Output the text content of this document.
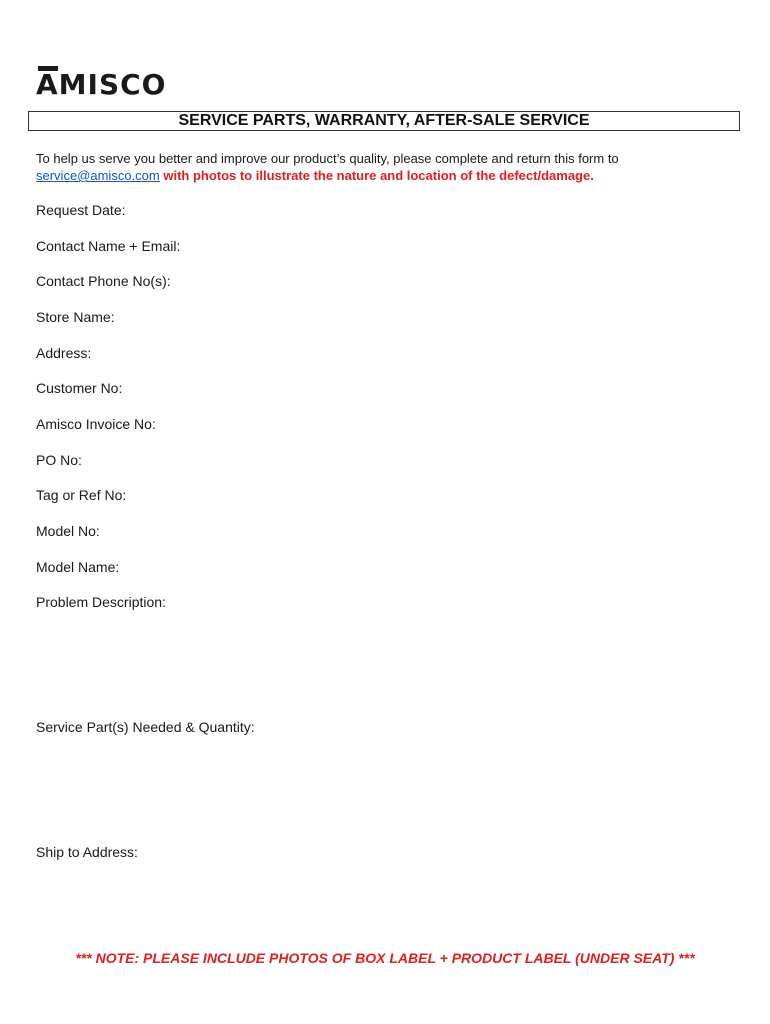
AMISCO
SERVICE PARTS, WARRANTY, AFTER-SALE SERVICE
To help us serve you better and improve our product’s quality, please complete and return this form to
service@amisco.com with photos to illustrate the nature and location of the defect/damage.
Request Date:
Contact Name + Email:
Contact Phone No(s):
Store Name:
Address:
Customer No:
Amisco Invoice No:
PO No:
Tag or Ref No:
Model No:
Model Name:
Problem Description:
Service Part(s) Needed & Quantity:
Ship to Address:
*** NOTE: PLEASE INCLUDE PHOTOS OF BOX LABEL + PRODUCT LABEL (UNDER SEAT) ***
